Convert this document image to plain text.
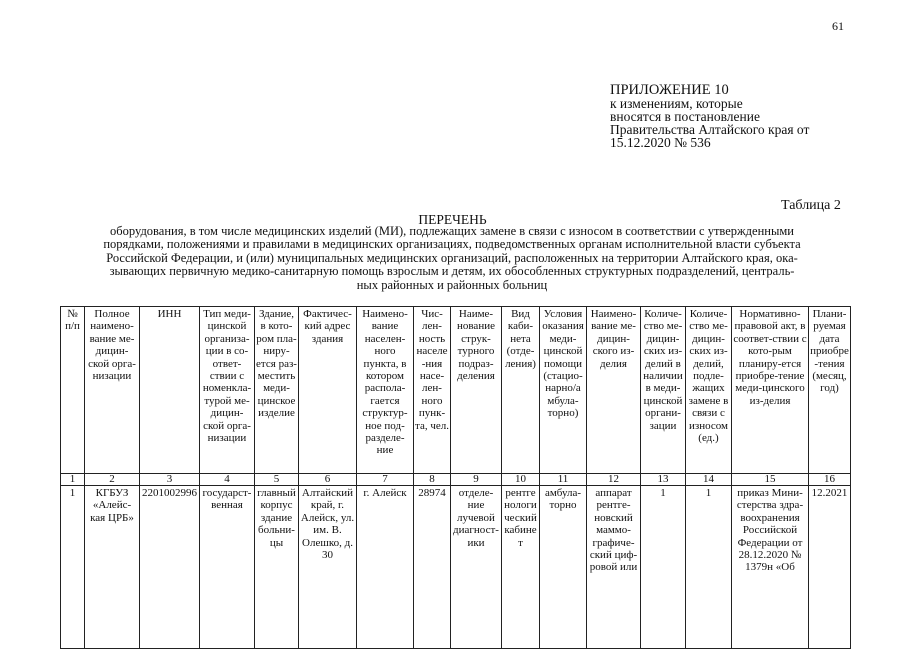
61
ПРИЛОЖЕНИЕ 10
к изменениям, которые
вносятся в постановление
Правительства Алтайского края от
15.12.2020 № 536
Таблица 2
ПЕРЕЧЕНЬ
оборудования, в том числе медицинских изделий (МИ), подлежащих замене в связи с износом в соответствии с утвержденными
порядками, положениями и правилами в медицинских организациях, подведомственных органам исполнительной власти субъекта
Российской Федерации, и (или) муниципальных медицинских организаций, расположенных на территории Алтайского края, ока-
зывающих первичную медико-санитарную помощь взрослым и детям, их обособленных структурных подразделений, централь-
ных районных и районных больниц
№ п/п	Полное наимено-вание ме-дицин-ской орга-низации	ИНН	Тип меди-цинской организа-ции в со-ответ-ствии с номенкла-турой ме-дицин-ской орга-низации	Здание, в кото-ром пла-ниру-ется раз-местить меди-цинское изделие	Фактичес-кий адрес здания	Наимено-вание населен-ного пункта, в котором распола-гается структур-ное под-разделе-ние	Чис-лен-ность населе-ния насе-лен-ного пунк-та, чел.	Наиме-нование струк-турного подраз-деления	Вид каби-нета (отде-ления)	Условия оказания меди-цинской помощи (стацио-нарно/а мбула-торно)	Наимено-вание ме-дицин-ского из-делия	Количе-ство ме-дицин-ских из-делий в наличии в меди-цинской органи-зации	Количе-ство ме-дицин-ских из-делий, подле-жащих замене в связи с износом (ед.)	Нормативно-правовой акт, в соответ-ствии с кото-рым планиру-ется приобре-тение меди-цинского из-делия	Плани-руемая дата приобре-тения (месяц, год)
1	2	3	4	5	6	7	8	9	10	11	12	13	14	15	16
1	КГБУЗ «Алейс-кая ЦРБ»	2201002996	государст-венная	главный корпус здание больни-цы	Алтайский край, г. Алейск, ул. им. В. Олешко, д. 30	г. Алейск	28974	отделе-ние лучевой диагност-ики	рентге нологи ческий кабине т	амбула-торно	аппарат рентге-новский маммо-графиче-ский циф-ровой или	1	1	приказ Мини-стерства здра-воохранения Российской Федерации от 28.12.2020 № 1379н «Об	12.2021
